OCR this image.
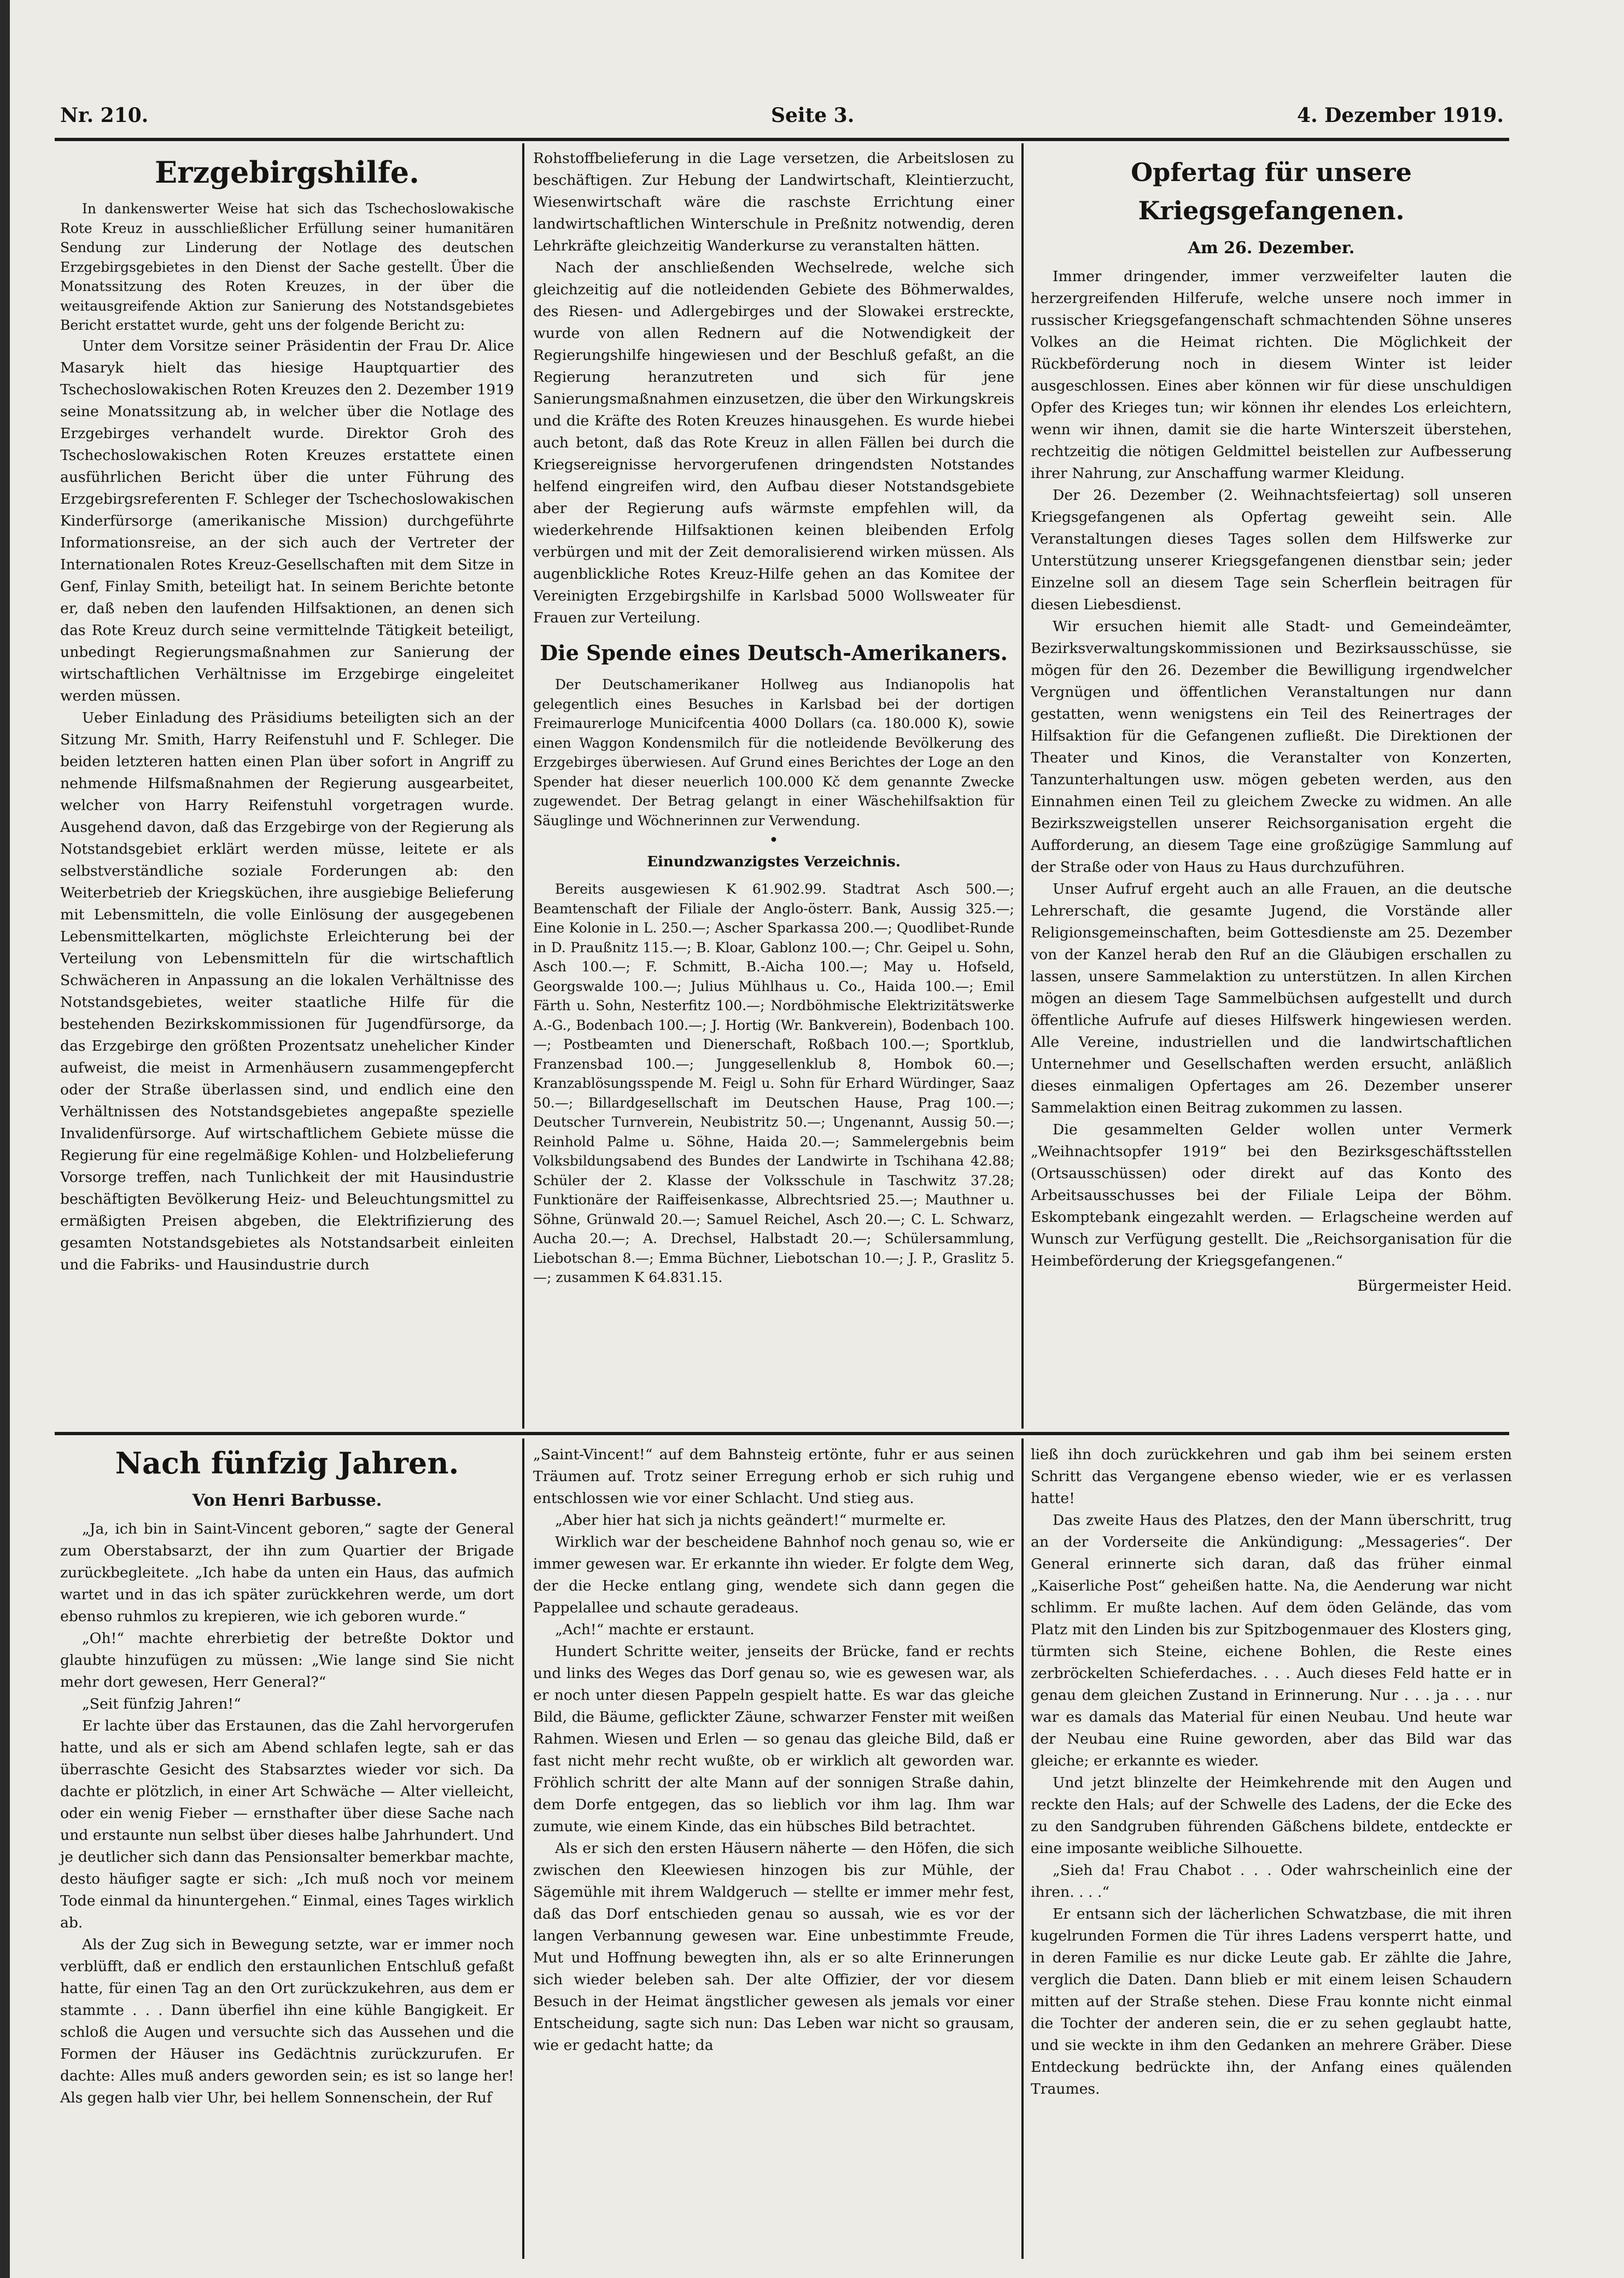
Nr. 210.	Seite 3.	4. Dezember 1919.
Erzgebirgshilfe.

In dankenswerter Weise hat sich das Tschechoslowakische Rote Kreuz in ausschließlicher Erfüllung seiner humanitären Sendung zur Linderung der Notlage des deutschen Erzgebirgsgebietes in den Dienst der Sache gestellt. Über die Monatssitzung des Roten Kreuzes, in der über die weitausgreifende Aktion zur Sanierung des Notstandsgebietes Bericht erstattet wurde, geht uns der folgende Bericht zu:

Unter dem Vorsitze seiner Präsidentin der Frau Dr. Alice Masaryk hielt das hiesige Hauptquartier des Tschechoslowakischen Roten Kreuzes den 2. Dezember 1919 seine Monatssitzung ab, in welcher über die Notlage des Erzgebirges verhandelt wurde. Direktor Groh des Tschechoslowakischen Roten Kreuzes erstattete einen ausführlichen Bericht über die unter Führung des Erzgebirgsreferenten F. Schleger der Tschechoslowakischen Kinderfürsorge (amerikanische Mission) durchgeführte Informationsreise, an der sich auch der Vertreter der Internationalen Rotes Kreuz-Gesellschaften mit dem Sitze in Genf, Finlay Smith, beteiligt hat. In seinem Berichte betonte er, daß neben den laufenden Hilfsaktionen, an denen sich das Rote Kreuz durch seine vermittelnde Tätigkeit beteiligt, unbedingt Regierungsmaßnahmen zur Sanierung der wirtschaftlichen Verhältnisse im Erzgebirge eingeleitet werden müssen.

Ueber Einladung des Präsidiums beteiligten sich an der Sitzung Mr. Smith, Harry Reifenstuhl und F. Schleger. Die beiden letzteren hatten einen Plan über sofort in Angriff zu nehmende Hilfsmaßnahmen der Regierung ausgearbeitet, welcher von Harry Reifenstuhl vorgetragen wurde. Ausgehend davon, daß das Erzgebirge von der Regierung als Notstandsgebiet erklärt werden müsse, leitete er als selbstverständliche soziale Forderungen ab: den Weiterbetrieb der Kriegsküchen, ihre ausgiebige Belieferung mit Lebensmitteln, die volle Einlösung der ausgegebenen Lebensmittelkarten, möglichste Erleichterung bei der Verteilung von Lebensmitteln für die wirtschaftlich Schwächeren in Anpassung an die lokalen Verhältnisse des Notstandsgebietes, weiter staatliche Hilfe für die bestehenden Bezirkskommissionen für Jugendfürsorge, da das Erzgebirge den größten Prozentsatz unehelicher Kinder aufweist, die meist in Armenhäusern zusammengepfercht oder der Straße überlassen sind, und endlich eine den Verhältnissen des Notstandsgebietes angepaßte spezielle Invalidenfürsorge. Auf wirtschaftlichem Gebiete müsse die Regierung für eine regelmäßige Kohlen- und Holzbelieferung Vorsorge treffen, nach Tunlichkeit der mit Hausindustrie beschäftigten Bevölkerung Heiz- und Beleuchtungsmittel zu ermäßigten Preisen abgeben, die Elektrifizierung des gesamten Notstandsgebietes als Notstandsarbeit einleiten und die Fabriks- und Hausindustrie durch

Rohstoffbelieferung in die Lage versetzen, die Arbeitslosen zu beschäftigen. Zur Hebung der Landwirtschaft, Kleintierzucht, Wiesenwirtschaft wäre die raschste Errichtung einer landwirtschaftlichen Winterschule in Preßnitz notwendig, deren Lehrkräfte gleichzeitig Wanderkurse zu veranstalten hätten.

Nach der anschließenden Wechselrede, welche sich gleichzeitig auf die notleidenden Gebiete des Böhmerwaldes, des Riesen- und Adlergebirges und der Slowakei erstreckte, wurde von allen Rednern auf die Notwendigkeit der Regierungshilfe hingewiesen und der Beschluß gefaßt, an die Regierung heranzutreten und sich für jene Sanierungsmaßnahmen einzusetzen, die über den Wirkungskreis und die Kräfte des Roten Kreuzes hinausgehen. Es wurde hiebei auch betont, daß das Rote Kreuz in allen Fällen bei durch die Kriegsereignisse hervorgerufenen dringendsten Notstandes helfend eingreifen wird, den Aufbau dieser Notstandsgebiete aber der Regierung aufs wärmste empfehlen will, da wiederkehrende Hilfsaktionen keinen bleibenden Erfolg verbürgen und mit der Zeit demoralisierend wirken müssen. Als augenblickliche Rotes Kreuz-Hilfe gehen an das Komitee der Vereinigten Erzgebirgshilfe in Karlsbad 5000 Wollsweater für Frauen zur Verteilung.

Die Spende eines Deutsch-Amerikaners.

Der Deutschamerikaner Hollweg aus Indianopolis hat gelegentlich eines Besuches in Karlsbad bei der dortigen Freimaurerloge Municifcentia 4000 Dollars (ca. 180.000 K), sowie einen Waggon Kondensmilch für die notleidende Bevölkerung des Erzgebirges überwiesen. Auf Grund eines Berichtes der Loge an den Spender hat dieser neuerlich 100.000 Kč dem genannte Zwecke zugewendet. Der Betrag gelangt in einer Wäschehilfsaktion für Säuglinge und Wöchnerinnen zur Verwendung.

•
Einundzwanzigstes Verzeichnis.

Bereits ausgewiesen K 61.902.99. Stadtrat Asch 500.—; Beamtenschaft der Filiale der Anglo-österr. Bank, Aussig 325.—; Eine Kolonie in L. 250.—; Ascher Sparkassa 200.—; Quodlibet-Runde in D. Praußnitz 115.—; B. Kloar, Gablonz 100.—; Chr. Geipel u. Sohn, Asch 100.—; F. Schmitt, B.-Aicha 100.—; May u. Hofseld, Georgswalde 100.—; Julius Mühlhaus u. Co., Haida 100.—; Emil Färth u. Sohn, Nesterfitz 100.—; Nordböhmische Elektrizitätswerke A.-G., Bodenbach 100.—; J. Hortig (Wr. Bankverein), Bodenbach 100.—; Postbeamten und Dienerschaft, Roßbach 100.—; Sportklub, Franzensbad 100.—; Junggesellenklub 8, Hombok 60.—; Kranzablösungsspende M. Feigl u. Sohn für Erhard Würdinger, Saaz 50.—; Billardgesellschaft im Deutschen Hause, Prag 100.—; Deutscher Turnverein, Neubistritz 50.—; Ungenannt, Aussig 50.—; Reinhold Palme u. Söhne, Haida 20.—; Sammelergebnis beim Volksbildungsabend des Bundes der Landwirte in Tschihana 42.88; Schüler der 2. Klasse der Volksschule in Taschwitz 37.28; Funktionäre der Raiffeisenkasse, Albrechtsried 25.—; Mauthner u. Söhne, Grünwald 20.—; Samuel Reichel, Asch 20.—; C. L. Schwarz, Aucha 20.—; A. Drechsel, Halbstadt 20.—; Schülersammlung, Liebotschan 8.—; Emma Büchner, Liebotschan 10.—; J. P., Graslitz 5.—; zusammen K 64.831.15.

Opfertag für unsere Kriegsgefangenen.
Am 26. Dezember.

Immer dringender, immer verzweifelter lauten die herzergreifenden Hilferufe, welche unsere noch immer in russischer Kriegsgefangenschaft schmachtenden Söhne unseres Volkes an die Heimat richten. Die Möglichkeit der Rückbeförderung noch in diesem Winter ist leider ausgeschlossen. Eines aber können wir für diese unschuldigen Opfer des Krieges tun; wir können ihr elendes Los erleichtern, wenn wir ihnen, damit sie die harte Winterszeit überstehen, rechtzeitig die nötigen Geldmittel beistellen zur Aufbesserung ihrer Nahrung, zur Anschaffung warmer Kleidung.

Der 26. Dezember (2. Weihnachtsfeiertag) soll unseren Kriegsgefangenen als Opfertag geweiht sein. Alle Veranstaltungen dieses Tages sollen dem Hilfswerke zur Unterstützung unserer Kriegsgefangenen dienstbar sein; jeder Einzelne soll an diesem Tage sein Scherflein beitragen für diesen Liebesdienst.

Wir ersuchen hiemit alle Stadt- und Gemeindeämter, Bezirksverwaltungskommissionen und Bezirksausschüsse, sie mögen für den 26. Dezember die Bewilligung irgendwelcher Vergnügen und öffentlichen Veranstaltungen nur dann gestatten, wenn wenigstens ein Teil des Reinertrages der Hilfsaktion für die Gefangenen zufließt. Die Direktionen der Theater und Kinos, die Veranstalter von Konzerten, Tanzunterhaltungen usw. mögen gebeten werden, aus den Einnahmen einen Teil zu gleichem Zwecke zu widmen. An alle Bezirkszweigstellen unserer Reichsorganisation ergeht die Aufforderung, an diesem Tage eine großzügige Sammlung auf der Straße oder von Haus zu Haus durchzuführen.

Unser Aufruf ergeht auch an alle Frauen, an die deutsche Lehrerschaft, die gesamte Jugend, die Vorstände aller Religionsgemeinschaften, beim Gottesdienste am 25. Dezember von der Kanzel herab den Ruf an die Gläubigen erschallen zu lassen, unsere Sammelaktion zu unterstützen. In allen Kirchen mögen an diesem Tage Sammelbüchsen aufgestellt und durch öffentliche Aufrufe auf dieses Hilfswerk hingewiesen werden. Alle Vereine, industriellen und die landwirtschaftlichen Unternehmer und Gesellschaften werden ersucht, anläßlich dieses einmaligen Opfertages am 26. Dezember unserer Sammelaktion einen Beitrag zukommen zu lassen.

Die gesammelten Gelder wollen unter Vermerk „Weihnachtsopfer 1919“ bei den Bezirksgeschäftsstellen (Ortsausschüssen) oder direkt auf das Konto des Arbeitsausschusses bei der Filiale Leipa der Böhm. Eskomptebank eingezahlt werden. — Erlagscheine werden auf Wunsch zur Verfügung gestellt. Die „Reichsorganisation für die Heimbeförderung der Kriegsgefangenen.“

Bürgermeister Heid.
Nach fünfzig Jahren.
Von Henri Barbusse.

„Ja, ich bin in Saint-Vincent geboren,“ sagte der General zum Oberstabsarzt, der ihn zum Quartier der Brigade zurückbegleitete. „Ich habe da unten ein Haus, das aufmich wartet und in das ich später zurückkehren werde, um dort ebenso ruhmlos zu krepieren, wie ich geboren wurde.“

„Oh!“ machte ehrerbietig der betreßte Doktor und glaubte hinzufügen zu müssen: „Wie lange sind Sie nicht mehr dort gewesen, Herr General?“

„Seit fünfzig Jahren!“

Er lachte über das Erstaunen, das die Zahl hervorgerufen hatte, und als er sich am Abend schlafen legte, sah er das überraschte Gesicht des Stabsarztes wieder vor sich. Da dachte er plötzlich, in einer Art Schwäche — Alter vielleicht, oder ein wenig Fieber — ernsthafter über diese Sache nach und erstaunte nun selbst über dieses halbe Jahrhundert. Und je deutlicher sich dann das Pensionsalter bemerkbar machte, desto häufiger sagte er sich: „Ich muß noch vor meinem Tode einmal da hinuntergehen.“ Einmal, eines Tages wirklich ab.

Als der Zug sich in Bewegung setzte, war er immer noch verblüfft, daß er endlich den erstaunlichen Entschluß gefaßt hatte, für einen Tag an den Ort zurückzukehren, aus dem er stammte . . . Dann überfiel ihn eine kühle Bangigkeit. Er schloß die Augen und versuchte sich das Aussehen und die Formen der Häuser ins Gedächtnis zurückzurufen. Er dachte: Alles muß anders geworden sein; es ist so lange her! Als gegen halb vier Uhr, bei hellem Sonnenschein, der Ruf

„Saint-Vincent!“ auf dem Bahnsteig ertönte, fuhr er aus seinen Träumen auf. Trotz seiner Erregung erhob er sich ruhig und entschlossen wie vor einer Schlacht. Und stieg aus.

„Aber hier hat sich ja nichts geändert!“ murmelte er.

Wirklich war der bescheidene Bahnhof noch genau so, wie er immer gewesen war. Er erkannte ihn wieder. Er folgte dem Weg, der die Hecke entlang ging, wendete sich dann gegen die Pappelallee und schaute geradeaus.

„Ach!“ machte er erstaunt.

Hundert Schritte weiter, jenseits der Brücke, fand er rechts und links des Weges das Dorf genau so, wie es gewesen war, als er noch unter diesen Pappeln gespielt hatte. Es war das gleiche Bild, die Bäume, geflickter Zäune, schwarzer Fenster mit weißen Rahmen. Wiesen und Erlen — so genau das gleiche Bild, daß er fast nicht mehr recht wußte, ob er wirklich alt geworden war. Fröhlich schritt der alte Mann auf der sonnigen Straße dahin, dem Dorfe entgegen, das so lieblich vor ihm lag. Ihm war zumute, wie einem Kinde, das ein hübsches Bild betrachtet.

Als er sich den ersten Häusern näherte — den Höfen, die sich zwischen den Kleewiesen hinzogen bis zur Mühle, der Sägemühle mit ihrem Waldgeruch — stellte er immer mehr fest, daß das Dorf entschieden genau so aussah, wie es vor der langen Verbannung gewesen war. Eine unbestimmte Freude, Mut und Hoffnung bewegten ihn, als er so alte Erinnerungen sich wieder beleben sah. Der alte Offizier, der vor diesem Besuch in der Heimat ängstlicher gewesen als jemals vor einer Entscheidung, sagte sich nun: Das Leben war nicht so grausam, wie er gedacht hatte; da

ließ ihn doch zurückkehren und gab ihm bei seinem ersten Schritt das Vergangene ebenso wieder, wie er es verlassen hatte!

Das zweite Haus des Platzes, den der Mann überschritt, trug an der Vorderseite die Ankündigung: „Messageries“. Der General erinnerte sich daran, daß das früher einmal „Kaiserliche Post“ geheißen hatte. Na, die Aenderung war nicht schlimm. Er mußte lachen. Auf dem öden Gelände, das vom Platz mit den Linden bis zur Spitzbogenmauer des Klosters ging, türmten sich Steine, eichene Bohlen, die Reste eines zerbröckelten Schieferdaches. . . . Auch dieses Feld hatte er in genau dem gleichen Zustand in Erinnerung. Nur . . . ja . . . nur war es damals das Material für einen Neubau. Und heute war der Neubau eine Ruine geworden, aber das Bild war das gleiche; er erkannte es wieder.

Und jetzt blinzelte der Heimkehrende mit den Augen und reckte den Hals; auf der Schwelle des Ladens, der die Ecke des zu den Sandgruben führenden Gäßchens bildete, entdeckte er eine imposante weibliche Silhouette.

„Sieh da! Frau Chabot . . . Oder wahrscheinlich eine der ihren. . . .“

Er entsann sich der lächerlichen Schwatzbase, die mit ihren kugelrunden Formen die Tür ihres Ladens versperrt hatte, und in deren Familie es nur dicke Leute gab. Er zählte die Jahre, verglich die Daten. Dann blieb er mit einem leisen Schaudern mitten auf der Straße stehen. Diese Frau konnte nicht einmal die Tochter der anderen sein, die er zu sehen geglaubt hatte, und sie weckte in ihm den Gedanken an mehrere Gräber. Diese Entdeckung bedrückte ihn, der Anfang eines quälenden Traumes.
